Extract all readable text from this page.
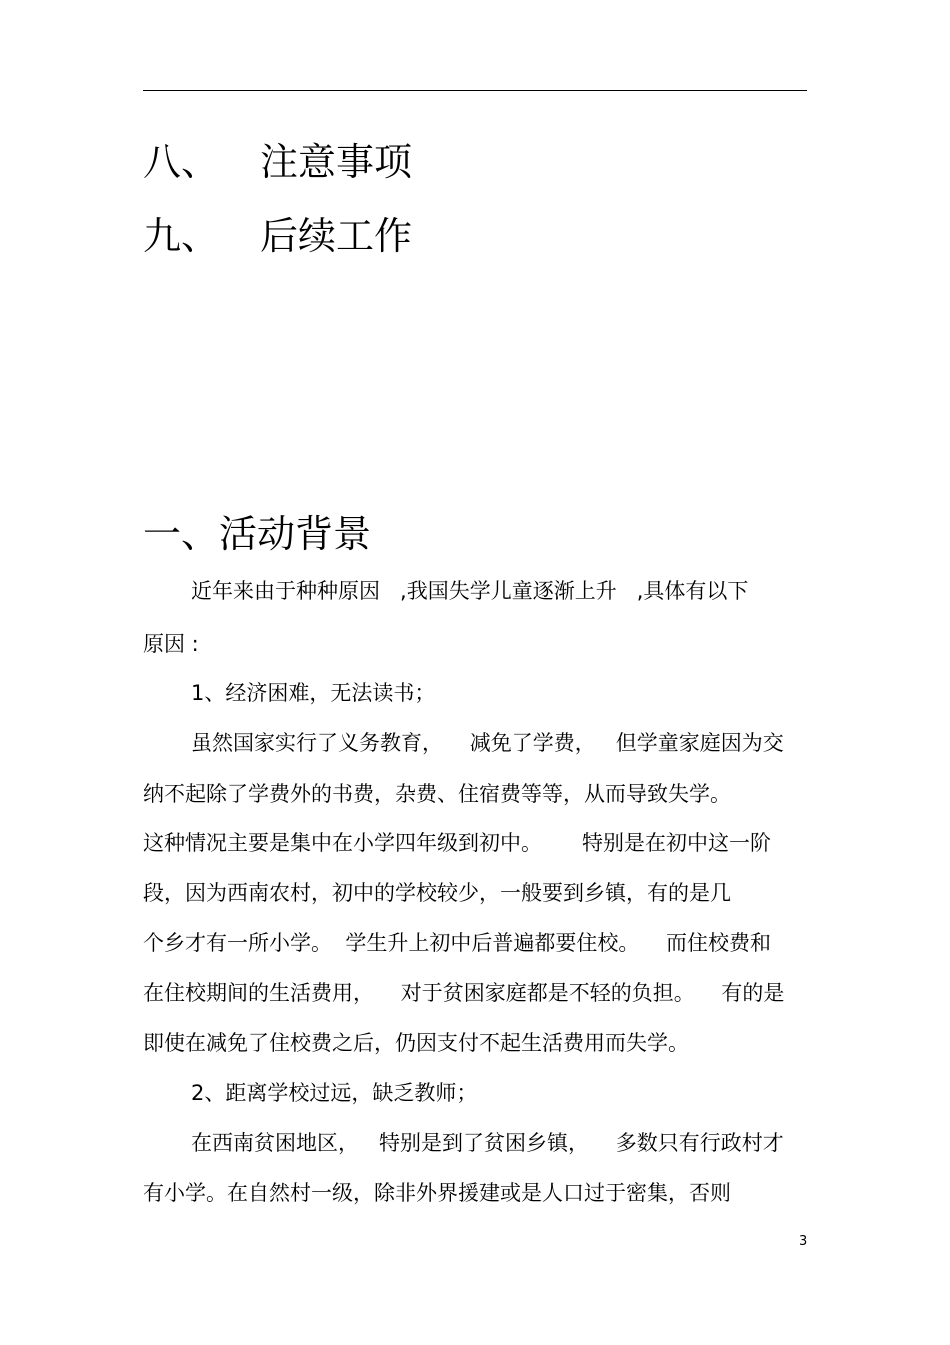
八、 注意事项
九、 后续工作
一、活动背景
近年来由于种种原因   ,我国失学儿童逐渐上升   ,具体有以下
原因 :
1、经济困难，无法读书；
虽然国家实行了义务教育，    减免了学费，   但学童家庭因为交
纳不起除了学费外的书费，杂费、住宿费等等，从而导致失学。
这种情况主要是集中在小学四年级到初中。      特别是在初中这一阶
段，因为西南农村，初中的学校较少，一般要到乡镇，有的是几
个乡才有一所小学。  学生升上初中后普遍都要住校。    而住校费和
在住校期间的生活费用，    对于贫困家庭都是不轻的负担。    有的是
即使在减免了住校费之后，仍因支付不起生活费用而失学。
2、距离学校过远，缺乏教师；
在西南贫困地区，   特别是到了贫困乡镇，    多数只有行政村才
有小学。在自然村一级，除非外界援建或是人口过于密集，否则
3
